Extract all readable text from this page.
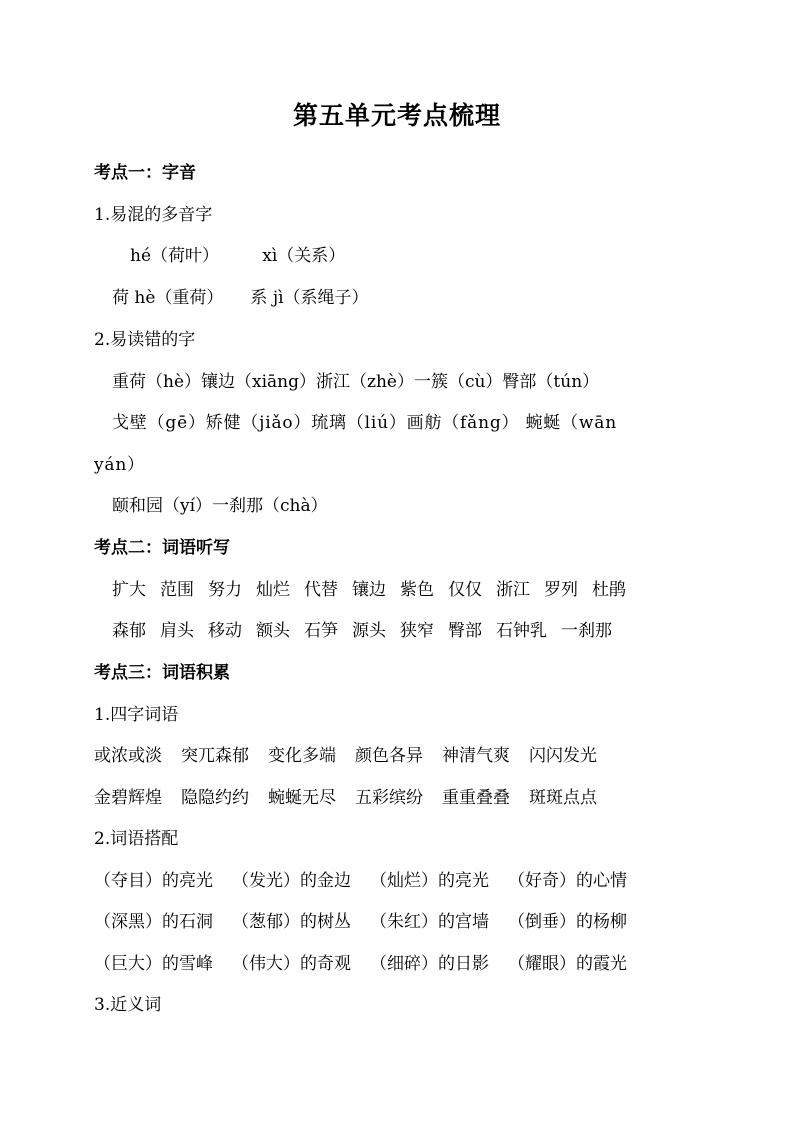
第五单元考点梳理
考点一：字音
1.易混的多音字
hé（荷叶）        xì（关系）
荷 hè（重荷）     系 jì（系绳子）
2.易读错的字
重荷（hè）镶边（xiāng）浙江（zhè）一簇（cù）臀部（tún）
戈壁（gē）矫健（jiǎo）琉璃（liú）画舫（fǎng） 蜿蜒（wān
yán）
颐和园（yí）一刹那（chà）
考点二：词语听写
扩大 范围 努力 灿烂 代替 镶边 紫色 仅仅 浙江 罗列 杜鹃
森郁 肩头 移动 额头 石笋 源头 狭窄 臀部 石钟乳 一刹那
考点三：词语积累
1.四字词语
或浓或淡 突兀森郁 变化多端 颜色各异 神清气爽 闪闪发光
金碧辉煌 隐隐约约 蜿蜒无尽 五彩缤纷 重重叠叠 斑斑点点
2.词语搭配
（夺目）的亮光 （发光）的金边 （灿烂）的亮光 （好奇）的心情
（深黑）的石洞 （葱郁）的树丛 （朱红）的宫墙 （倒垂）的杨柳
（巨大）的雪峰 （伟大）的奇观 （细碎）的日影 （耀眼）的霞光
3.近义词
